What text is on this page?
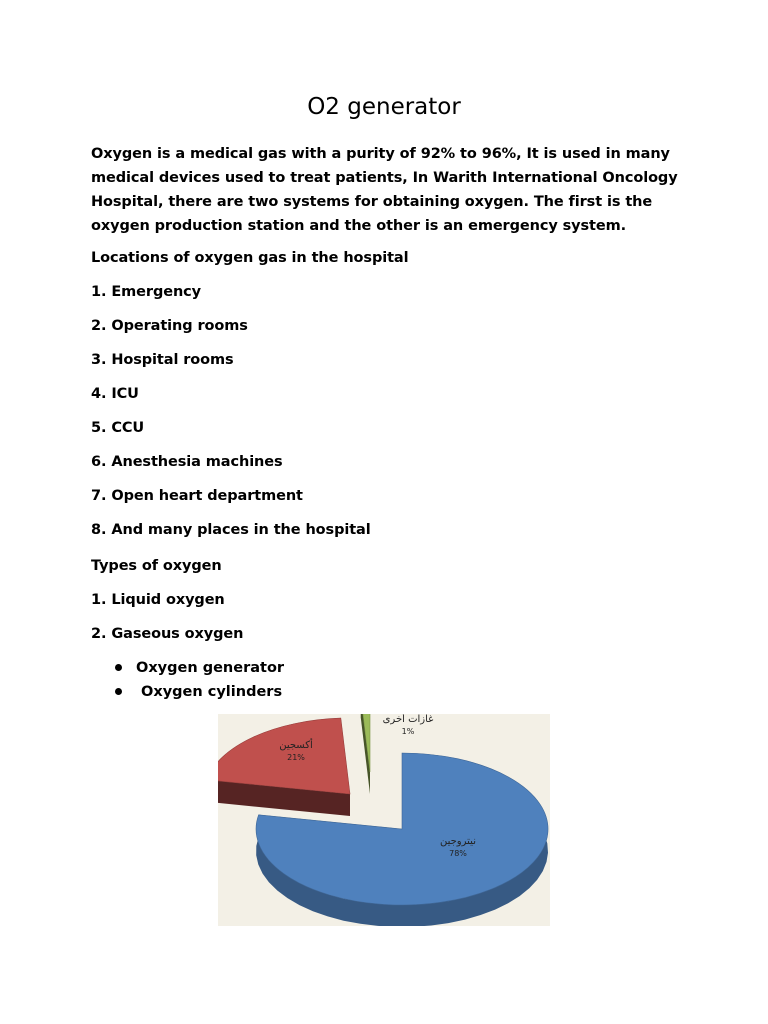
O2 generator
Oxygen is a medical gas with a purity of 92% to 96%, It is used in many medical devices used to treat patients, In Warith International Oncology Hospital, there are two systems for obtaining oxygen. The first is the oxygen production station and the other is an emergency system.
Locations of oxygen gas in the hospital
1. Emergency
2. Operating rooms
3. Hospital rooms
4. ICU
5. CCU
6. Anesthesia machines
7. Open heart department
8. And many places in the hospital
Types of oxygen
1. Liquid oxygen
2. Gaseous oxygen
Oxygen generator
Oxygen cylinders
نيتروجين
78%
أكسجين
21%
غازات أخرى
1%
